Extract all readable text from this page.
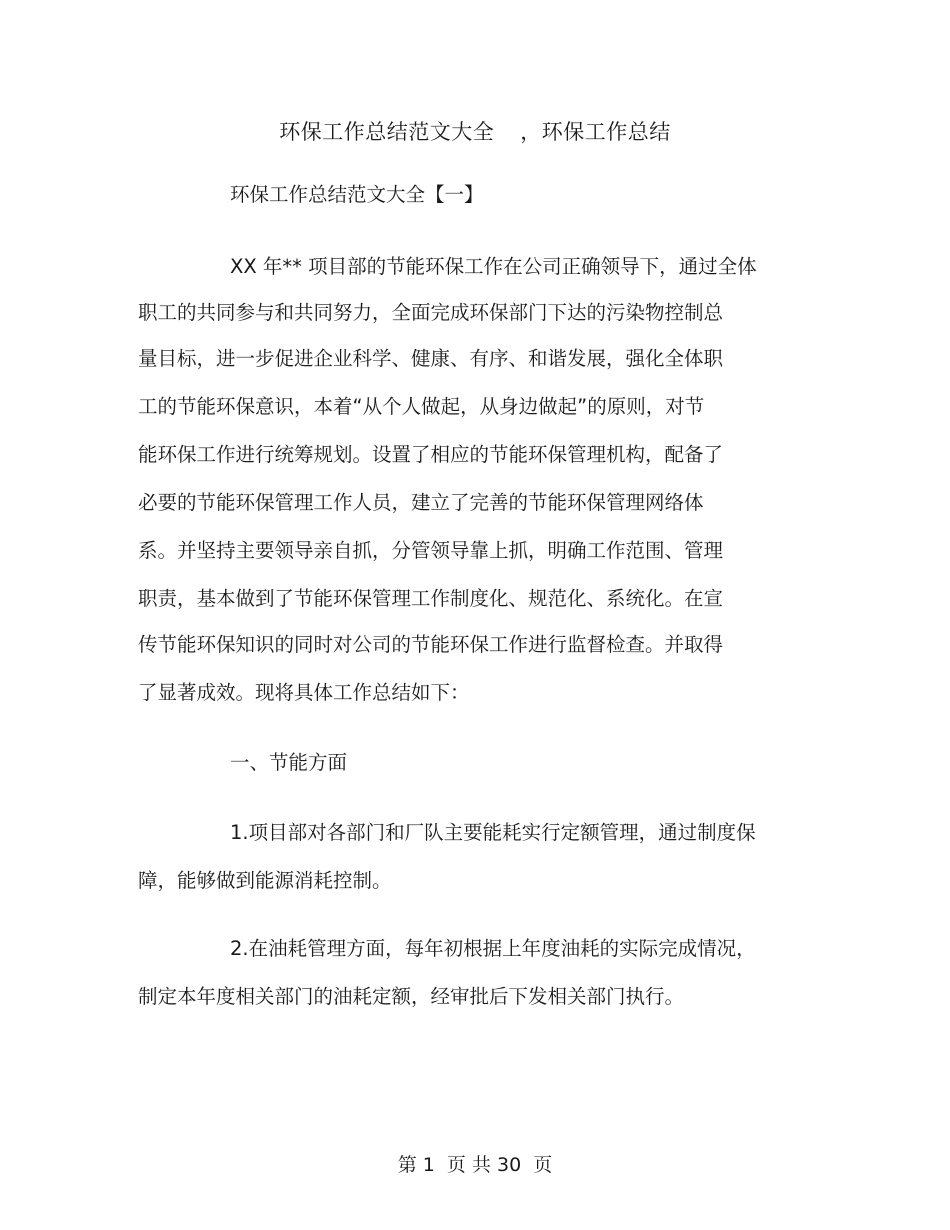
环保工作总结范文大全 ，环保工作总结
环保工作总结范文大全【一】
XX 年** 项目部的节能环保工作在公司正确领导下，通过全体
职工的共同参与和共同努力，全面完成环保部门下达的污染物控制总
量目标，进一步促进企业科学、健康、有序、和谐发展，强化全体职
工的节能环保意识，本着“从个人做起，从身边做起”的原则，对节
能环保工作进行统筹规划。设置了相应的节能环保管理机构，配备了
必要的节能环保管理工作人员，建立了完善的节能环保管理网络体
系。并坚持主要领导亲自抓，分管领导靠上抓，明确工作范围、管理
职责，基本做到了节能环保管理工作制度化、规范化、系统化。在宣
传节能环保知识的同时对公司的节能环保工作进行监督检查。并取得
了显著成效。现将具体工作总结如下：
一、节能方面
1.项目部对各部门和厂队主要能耗实行定额管理，通过制度保
障，能够做到能源消耗控制。
2.在油耗管理方面，每年初根据上年度油耗的实际完成情况，
制定本年度相关部门的油耗定额，经审批后下发相关部门执行。
第 1  页 共 30  页
